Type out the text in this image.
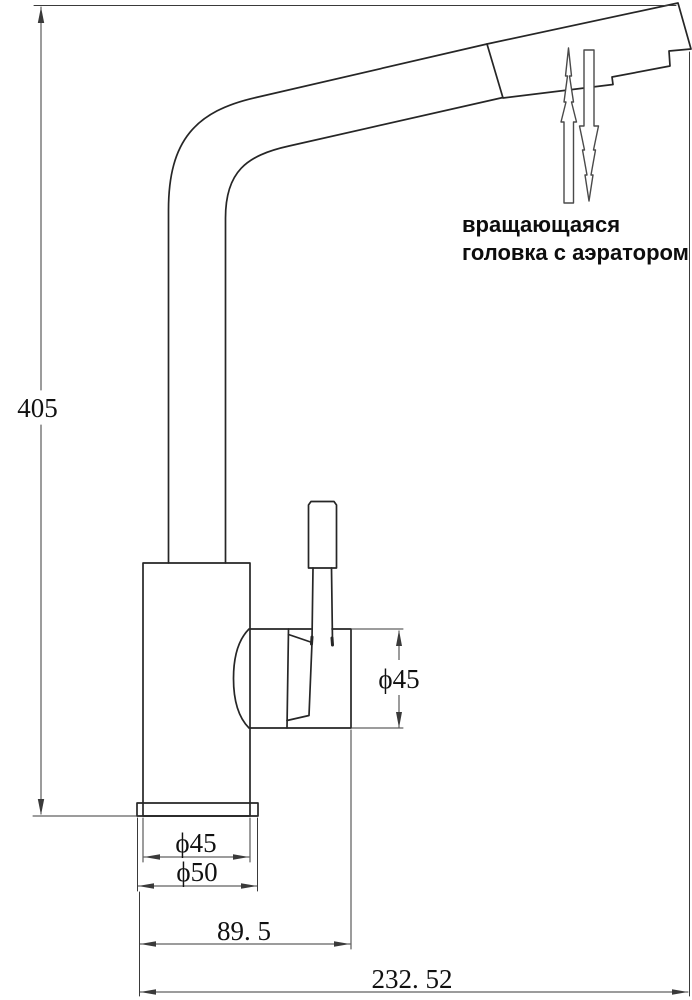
405
ϕ45
ϕ45
ϕ50
89. 5
232. 52
вращающаяся
головка с аэратором
